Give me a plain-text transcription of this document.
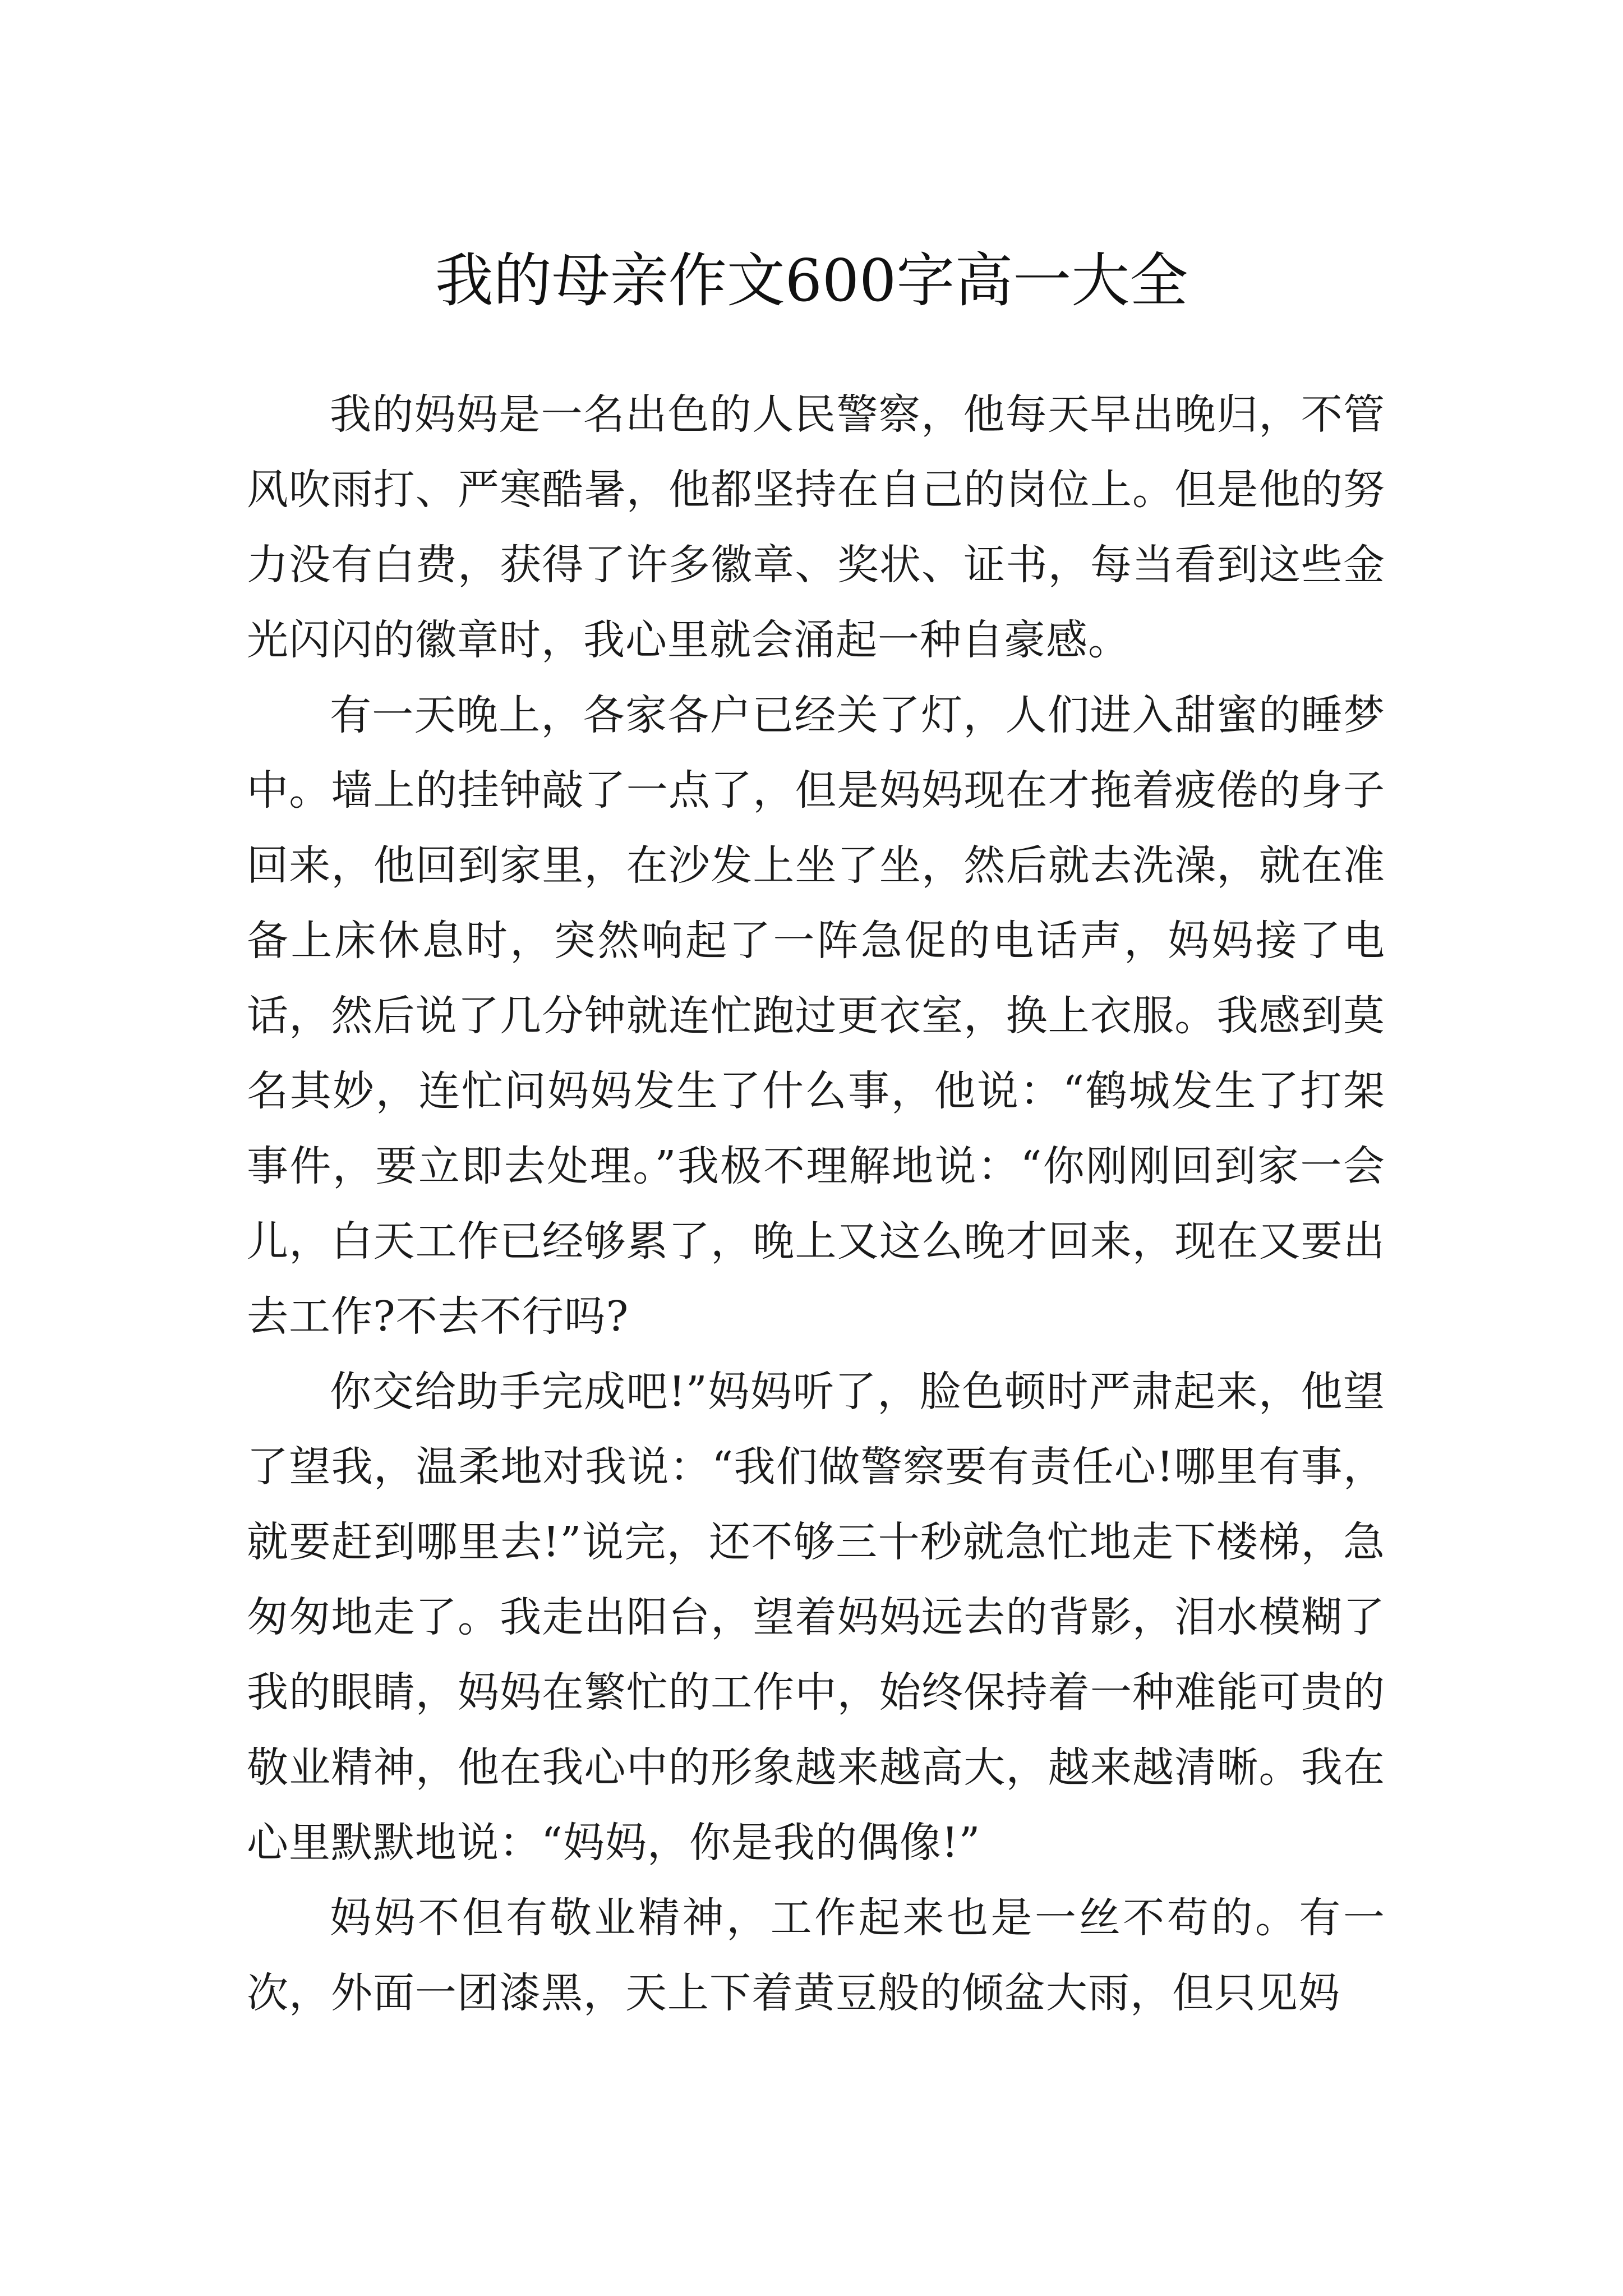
我的母亲作文600字高一大全

我的妈妈是一名出色的人民警察，他每天早出晚归，不管风吹雨打、严寒酷暑，他都坚持在自己的岗位上。但是他的努力没有白费，获得了许多徽章、奖状、证书，每当看到这些金光闪闪的徽章时，我心里就会涌起一种自豪感。

有一天晚上，各家各户已经关了灯，人们进入甜蜜的睡梦中。墙上的挂钟敲了一点了，但是妈妈现在才拖着疲倦的身子回来，他回到家里，在沙发上坐了坐，然后就去洗澡，就在准备上床休息时，突然响起了一阵急促的电话声，妈妈接了电话，然后说了几分钟就连忙跑过更衣室，换上衣服。我感到莫名其妙，连忙问妈妈发生了什么事，他说：“鹤城发生了打架事件，要立即去处理。”我极不理解地说：“你刚刚回到家一会儿，白天工作已经够累了，晚上又这么晚才回来，现在又要出去工作?不去不行吗?

你交给助手完成吧!”妈妈听了，脸色顿时严肃起来，他望了望我，温柔地对我说：“我们做警察要有责任心!哪里有事，就要赶到哪里去!”说完，还不够三十秒就急忙地走下楼梯，急匆匆地走了。我走出阳台，望着妈妈远去的背影，泪水模糊了我的眼睛，妈妈在繁忙的工作中，始终保持着一种难能可贵的敬业精神，他在我心中的形象越来越高大，越来越清晰。我在心里默默地说：“妈妈，你是我的偶像!”

妈妈不但有敬业精神，工作起来也是一丝不苟的。有一次，外面一团漆黑，天上下着黄豆般的倾盆大雨，但只见妈
